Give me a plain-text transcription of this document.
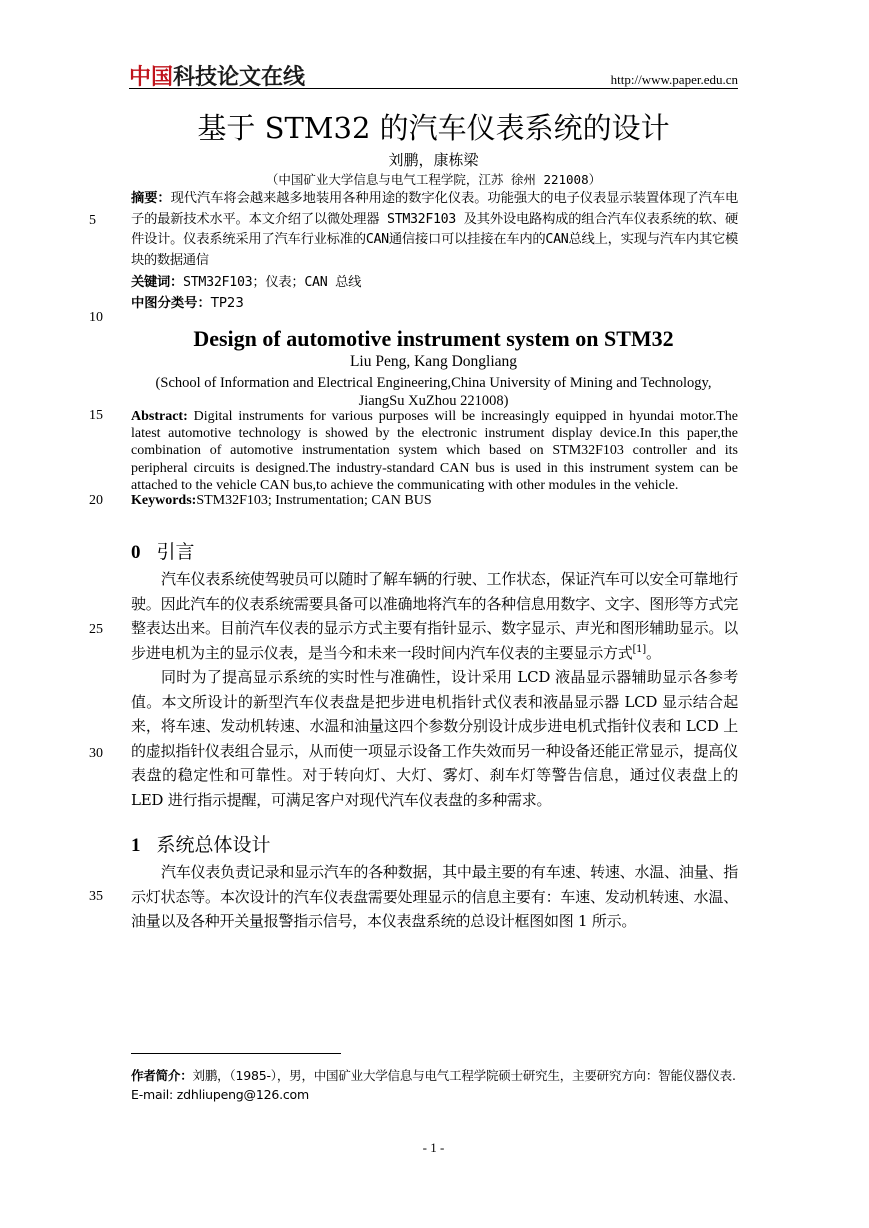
中国科技论文在线	http://www.paper.edu.cn
基于 STM32 的汽车仪表系统的设计
刘鹏，康栋梁
（中国矿业大学信息与电气工程学院，江苏 徐州 221008）
摘要：现代汽车将会越来越多地装用各种用途的数字化仪表。功能强大的电子仪表显示装置体现了汽车电子的最新技术水平。本文介绍了以微处理器 STM32F103 及其外设电路构成的组合汽车仪表系统的软、硬件设计。仪表系统采用了汽车行业标准的CAN通信接口可以挂接在车内的CAN总线上，实现与汽车内其它模块的数据通信
关键词：STM32F103；仪表；CAN 总线
中图分类号：TP23
Design of automotive instrument system on STM32
Liu Peng, Kang Dongliang
(School of Information and Electrical Engineering,China University of Mining and Technology,
JiangSu XuZhou 221008)
Abstract: Digital instruments for various purposes will be increasingly equipped in hyundai motor.The latest automotive technology is showed by the electronic instrument display device.In this paper,the combination of automotive instrumentation system which based on STM32F103 controller and its peripheral circuits is designed.The industry-standard CAN bus is used in this instrument system can be attached to the vehicle CAN bus,to achieve the communicating with other modules in the vehicle.
Keywords:STM32F103; Instrumentation; CAN BUS
5
10
15
20
25
30
35
0 引言

汽车仪表系统使驾驶员可以随时了解车辆的行驶、工作状态，保证汽车可以安全可靠地行驶。因此汽车的仪表系统需要具备可以准确地将汽车的各种信息用数字、文字、图形等方式完整表达出来。目前汽车仪表的显示方式主要有指针显示、数字显示、声光和图形辅助显示。以步进电机为主的显示仪表，是当今和未来一段时间内汽车仪表的主要显示方式[1]。

同时为了提高显示系统的实时性与准确性，设计采用 LCD 液晶显示器辅助显示各参考值。本文所设计的新型汽车仪表盘是把步进电机指针式仪表和液晶显示器 LCD 显示结合起来，将车速、发动机转速、水温和油量这四个参数分别设计成步进电机式指针仪表和 LCD 上的虚拟指针仪表组合显示，从而使一项显示设备工作失效而另一种设备还能正常显示，提高仪表盘的稳定性和可靠性。对于转向灯、大灯、雾灯、刹车灯等警告信息，通过仪表盘上的 LED 进行指示提醒，可满足客户对现代汽车仪表盘的多种需求。

1 系统总体设计

汽车仪表负责记录和显示汽车的各种数据，其中最主要的有车速、转速、水温、油量、指示灯状态等。本次设计的汽车仪表盘需要处理显示的信息主要有：车速、发动机转速、水温、油量以及各种开关量报警指示信号，本仪表盘系统的总设计框图如图 1 所示。

作者简介：刘鹏，（1985-），男，中国矿业大学信息与电气工程学院硕士研究生，主要研究方向：智能仪器仪表. E-mail: zdhliupeng@126.com
- 1 -
